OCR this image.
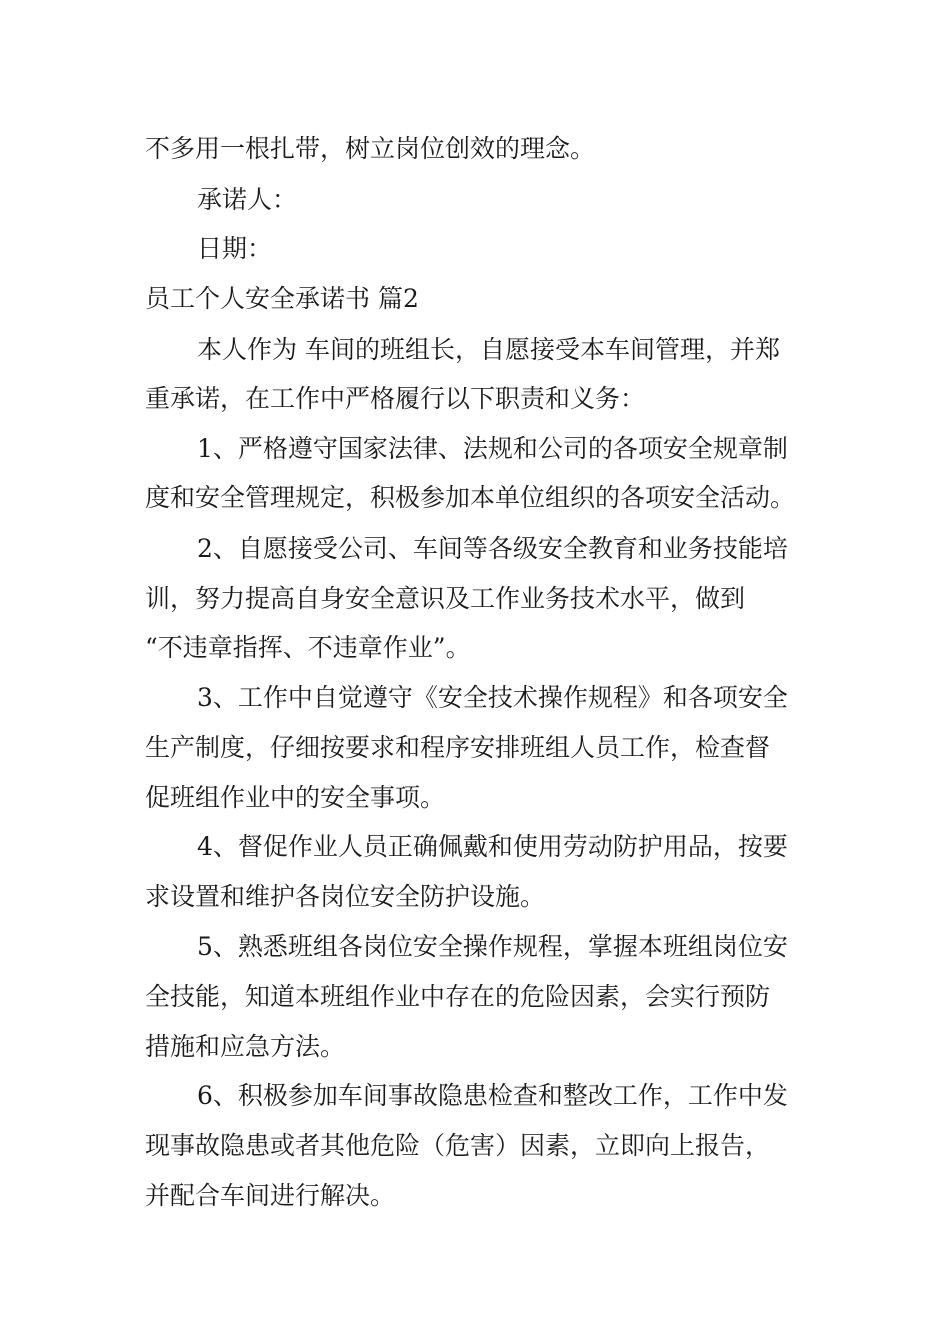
不多用一根扎带，树立岗位创效的理念。
承诺人：
日期：
员工个人安全承诺书 篇2
本人作为 车间的班组长，自愿接受本车间管理，并郑
重承诺，在工作中严格履行以下职责和义务：
1、严格遵守国家法律、法规和公司的各项安全规章制
度和安全管理规定，积极参加本单位组织的各项安全活动。
2、自愿接受公司、车间等各级安全教育和业务技能培
训，努力提高自身安全意识及工作业务技术水平，做到
“不违章指挥、不违章作业”。
3、工作中自觉遵守《安全技术操作规程》和各项安全
生产制度，仔细按要求和程序安排班组人员工作，检查督
促班组作业中的安全事项。
4、督促作业人员正确佩戴和使用劳动防护用品，按要
求设置和维护各岗位安全防护设施。
5、熟悉班组各岗位安全操作规程，掌握本班组岗位安
全技能，知道本班组作业中存在的危险因素，会实行预防
措施和应急方法。
6、积极参加车间事故隐患检查和整改工作，工作中发
现事故隐患或者其他危险（危害）因素，立即向上报告，
并配合车间进行解决。
